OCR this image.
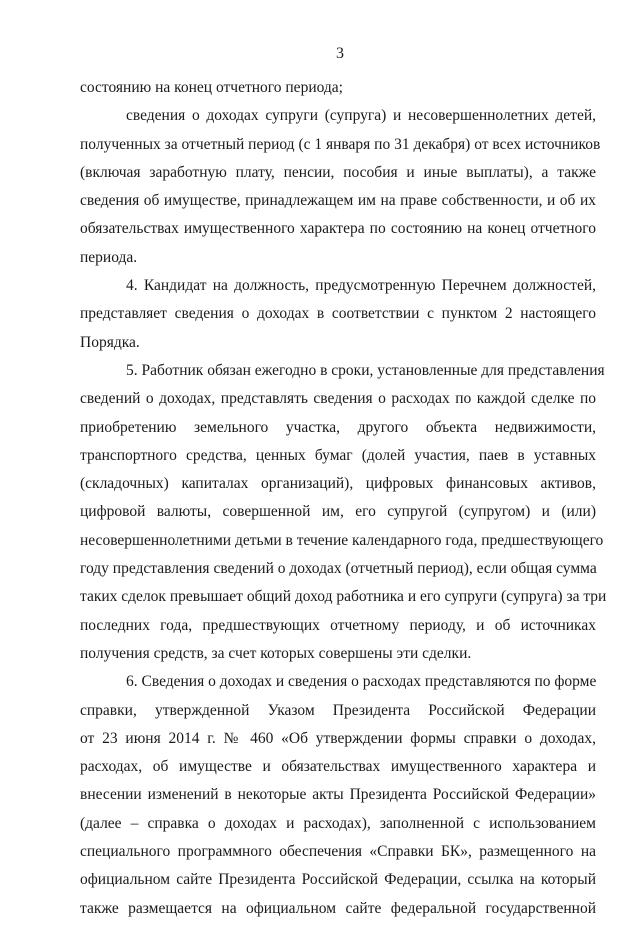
3
состоянию на конец отчетного периода;
сведения о доходах супруги (супруга) и несовершеннолетних детей,
полученных за отчетный период (с 1 января по 31 декабря) от всех источников
(включая заработную плату, пенсии, пособия и иные выплаты), а также
сведения об имуществе, принадлежащем им на праве собственности, и об их
обязательствах имущественного характера по состоянию на конец отчетного
периода.
4. Кандидат на должность, предусмотренную Перечнем должностей,
представляет сведения о доходах в соответствии с пунктом 2 настоящего
Порядка.
5. Работник обязан ежегодно в сроки, установленные для представления
сведений о доходах, представлять сведения о расходах по каждой сделке по
приобретению земельного участка, другого объекта недвижимости,
транспортного средства, ценных бумаг (долей участия, паев в уставных
(складочных) капиталах организаций), цифровых финансовых активов,
цифровой валюты, совершенной им, его супругой (супругом) и (или)
несовершеннолетними детьми в течение календарного года, предшествующего
году представления сведений о доходах (отчетный период), если общая сумма
таких сделок превышает общий доход работника и его супруги (супруга) за три
последних года, предшествующих отчетному периоду, и об источниках
получения средств, за счет которых совершены эти сделки.
6. Сведения о доходах и сведения о расходах представляются по форме
справки, утвержденной Указом Президента Российской Федерации
от 23 июня 2014 г. № 460 «Об утверждении формы справки о доходах,
расходах, об имуществе и обязательствах имущественного характера и
внесении изменений в некоторые акты Президента Российской Федерации»
(далее – справка о доходах и расходах), заполненной с использованием
специального программного обеспечения «Справки БК», размещенного на
официальном сайте Президента Российской Федерации, ссылка на который
также размещается на официальном сайте федеральной государственной
